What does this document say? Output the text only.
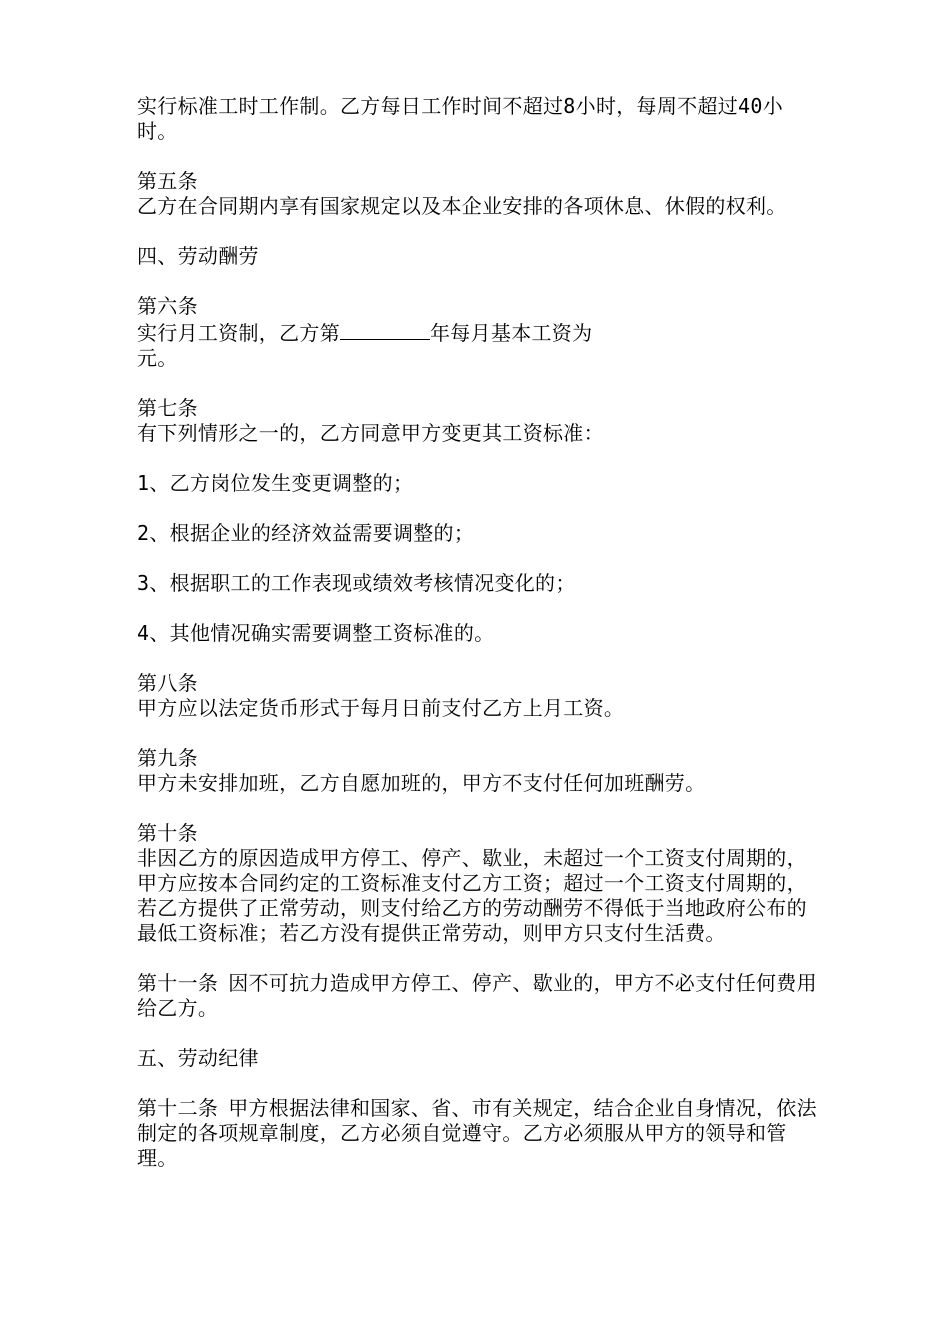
实行标准工时工作制。乙方每日工作时间不超过8小时，每周不超过40小时。

第五条
乙方在合同期内享有国家规定以及本企业安排的各项休息、休假的权利。

四、劳动酬劳

第六条
实行月工资制，乙方第	年每月基本工资为
元。
第七条
有下列情形之一的，乙方同意甲方变更其工资标准：

1、乙方岗位发生变更调整的；

2、根据企业的经济效益需要调整的；

3、根据职工的工作表现或绩效考核情况变化的；

4、其他情况确实需要调整工资标准的。

第八条
甲方应以法定货币形式于每月日前支付乙方上月工资。
第九条
甲方未安排加班，乙方自愿加班的，甲方不支付任何加班酬劳。
第十条
非因乙方的原因造成甲方停工、停产、歇业，未超过一个工资支付周期的，甲方应按本合同约定的工资标准支付乙方工资；超过一个工资支付周期的，若乙方提供了正常劳动，则支付给乙方的劳动酬劳不得低于当地政府公布的最低工资标准；若乙方没有提供正常劳动，则甲方只支付生活费。

第十一条 因不可抗力造成甲方停工、停产、歇业的，甲方不必支付任何费用给乙方。

五、劳动纪律

第十二条 甲方根据法律和国家、省、市有关规定，结合企业自身情况，依法制定的各项规章制度，乙方必须自觉遵守。乙方必须服从甲方的领导和管理。
